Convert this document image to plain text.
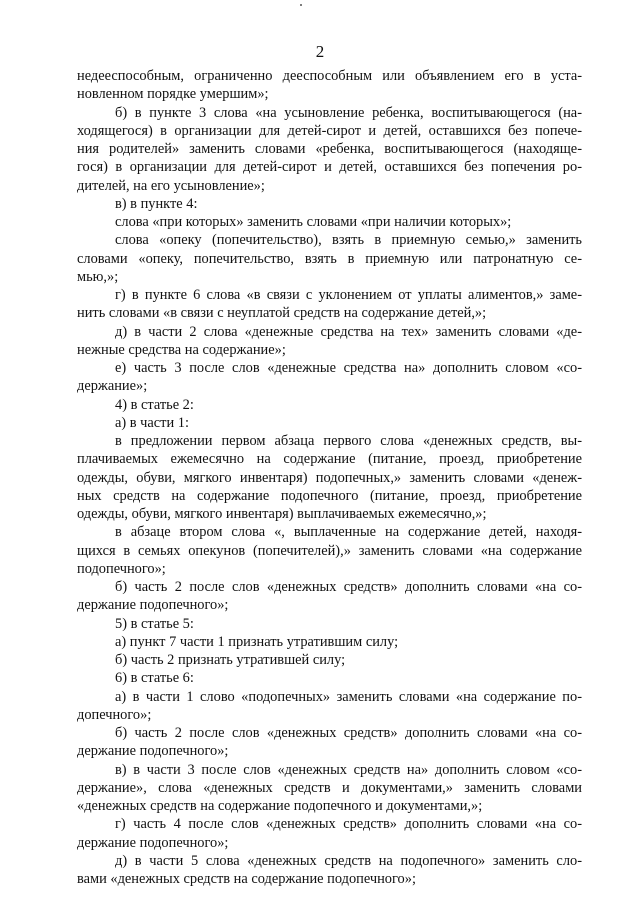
2
недееспособным, ограниченно дееспособным или объявлением его в уста-
новленном порядке умершим»;
б) в пункте 3 слова «на усыновление ребенка, воспитывающегося (на-
ходящегося) в организации для детей-сирот и детей, оставшихся без попече-
ния родителей» заменить словами «ребенка, воспитывающегося (находяще-
гося) в организации для детей-сирот и детей, оставшихся без попечения ро-
дителей, на его усыновление»;
в) в пункте 4:
слова «при которых» заменить словами «при наличии которых»;
слова «опеку (попечительство), взять в приемную семью,» заменить
словами «опеку, попечительство, взять в приемную или патронатную се-
мью,»;
г) в пункте 6 слова «в связи с уклонением от уплаты алиментов,» заме-
нить словами «в связи с неуплатой средств на содержание детей,»;
д) в части 2 слова «денежные средства на тех» заменить словами «де-
нежные средства на содержание»;
е) часть 3 после слов «денежные средства на» дополнить словом «со-
держание»;
4) в статье 2:
а) в части 1:
в предложении первом абзаца первого слова «денежных средств, вы-
плачиваемых ежемесячно на содержание (питание, проезд, приобретение
одежды, обуви, мягкого инвентаря) подопечных,» заменить словами «денеж-
ных средств на содержание подопечного (питание, проезд, приобретение
одежды, обуви, мягкого инвентаря) выплачиваемых ежемесячно,»;
в абзаце втором слова «, выплаченные на содержание детей, находя-
щихся в семьях опекунов (попечителей),» заменить словами «на содержание
подопечного»;
б) часть 2 после слов «денежных средств» дополнить словами «на со-
держание подопечного»;
5) в статье 5:
а) пункт 7 части 1 признать утратившим силу;
б) часть 2 признать утратившей силу;
6) в статье 6:
а) в части 1 слово «подопечных» заменить словами «на содержание по-
допечного»;
б) часть 2 после слов «денежных средств» дополнить словами «на со-
держание подопечного»;
в) в части 3 после слов «денежных средств на» дополнить словом «со-
держание», слова «денежных средств и документами,» заменить словами
«денежных средств на содержание подопечного и документами,»;
г) часть 4 после слов «денежных средств» дополнить словами «на со-
держание подопечного»;
д) в части 5 слова «денежных средств на подопечного» заменить сло-
вами «денежных средств на содержание подопечного»;
